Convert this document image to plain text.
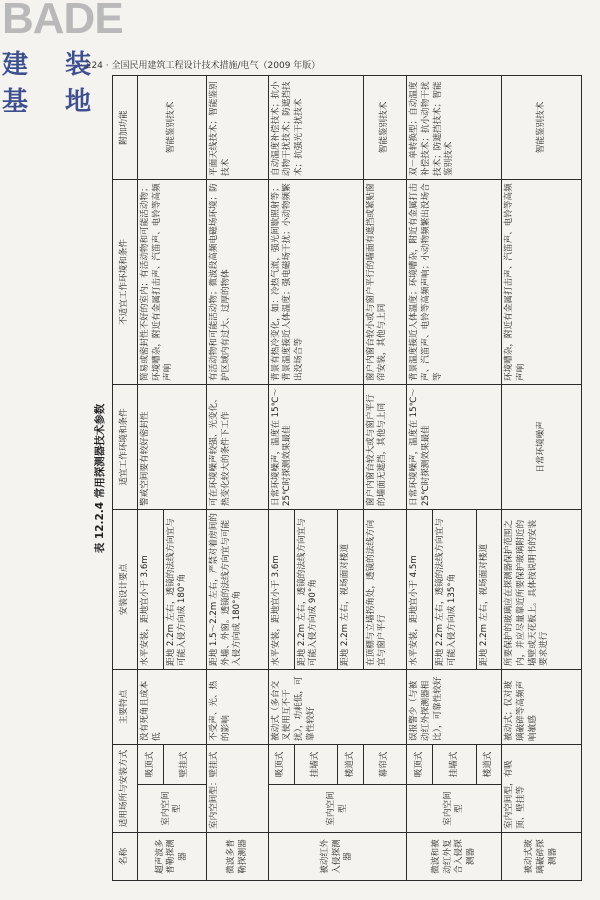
BADE
建 装 基 地
· 224 · 全国民用建筑工程设计技术措施/电气（2009 年版）
表 12.2.4 常用探测器技术参数
名称	适用场所与安装方式		主要特点	安装设计要点	适宜工作环境和条件	不适宜工作环境和条件	附加功能
超声波多普勒探测器	室内空间型	吸顶式	没有死角且成本低	水平安装，距地宜小于 3.6m	警戒空间要有较好密封性	简易或密封性不好的室内；有活动物和可能活动物；环境嘈杂，附近有金属打击声、汽笛声、电铃等高频声响	智能鉴别技术
		壁挂式		距地 2.2m 左右，透镜的法线方向宜与可能入侵方向成 180°角			
微波多普勒探测器	室内空间型：壁挂式		不受声、光、热的影响	距地 1.5～2.2m 左右，严禁对着房间的外墙、外窗。透镜的法线方向宜与可能入侵方向成 180°角	可在环境噪声较强、光变化、热变化较大的条件下工作	有活动物和可能活动物；微波段高频电磁场环境；防护区域内有过大、过厚的物体	平面天线技术；智能鉴别技术
被动红外入侵探测器	室内空间型	吸顶式	被动式（多台交叉使用互不干扰），功耗低，可靠性较好	水平安装，距地宜小于 3.6m	日常环境噪声，温度在 15℃～25℃时探测效果最佳	背景有热冷变化，如：冷热气流，强光间歇照射等；背景温度接近人体温度；强电磁场干扰；小动物频繁出没场合等	自动温度补偿技术；抗小动物干扰技术；防遮挡技术；抗强光干扰技术
		挂墙式		距地 2.2m 左右，透镜的法线方向宜与可能入侵方向成 90°角			
		楼道式		距地 2.2m 左右，视场面对楼道			
		幕帘式		在顶棚与立墙拐角处，透镜的法线方向宜与窗户平行	窗户内窗台较大或与窗户平行的墙面无遮挡，其他与上同	窗户内窗台较小或与窗户平行的墙面有遮挡或紧贴窗帘安装，其他与上同	智能鉴别技术
微波和被动红外复合入侵探测器	室内空间型	吸顶式	误报警少（与被动红外探测器相比），可靠性较好	水平安装，距地宜小于 4.5m	日常环境噪声，温度在 15℃～25℃时探测效果最佳	背景温度接近人体温度；环境嘈杂，附近有金属打击声、汽笛声、电铃等高频声响；小动物频繁出没场合等	双－单转换型；自动温度补偿技术；抗小动物干扰技术；防遮挡技术；智能鉴别技术
		挂墙式		距地 2.2m 左右，透镜的法线方向宜与可能入侵方向成 135°角			
		楼道式		距地 2.2m 左右，视场面对楼道			
被动式玻璃破碎探测器	室内空间型，有吸顶、壁挂等		被动式；仅对玻璃破碎等高频声响敏感	所要保护的玻璃应在探测器保护范围之内，并应尽量靠近所要保护玻璃附近的墙壁或天花板上。具体按说明书的安装要求进行	日常环境噪声	环境嘈杂，附近有金属打击声、汽笛声、电铃等高频声响	智能鉴别技术
